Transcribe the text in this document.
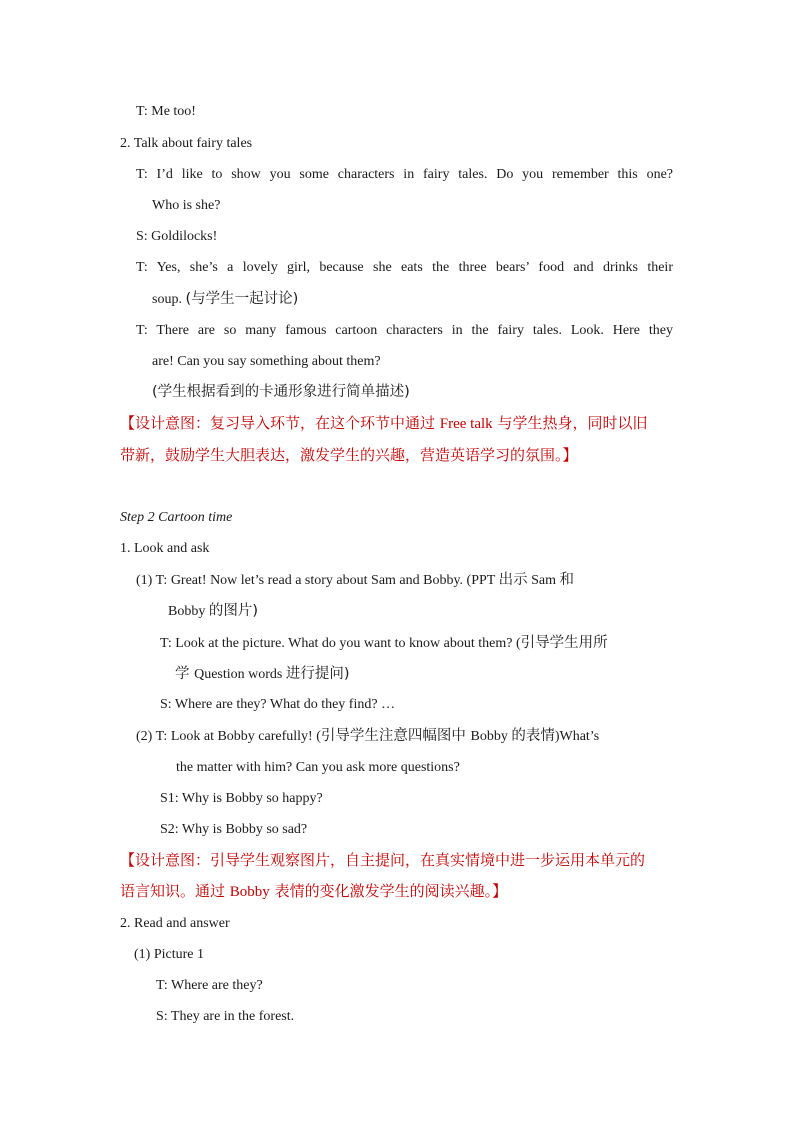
T: Me too!
2. Talk about fairy tales
T: I’d like to show you some characters in fairy tales. Do you remember this one?
Who is she?
S: Goldilocks!
T: Yes, she’s a lovely girl, because she eats the three bears’ food and drinks their
soup. (与学生一起讨论)
T: There are so many famous cartoon characters in the fairy tales. Look. Here they
are! Can you say something about them?
(学生根据看到的卡通形象进行简单描述)
【设计意图：复习导入环节，在这个环节中通过 Free talk 与学生热身，同时以旧
带新，鼓励学生大胆表达，激发学生的兴趣，营造英语学习的氛围。】
Step 2 Cartoon time
1. Look and ask
(1) T: Great! Now let’s read a story about Sam and Bobby. (PPT 出示 Sam 和
Bobby 的图片)
T: Look at the picture. What do you want to know about them? (引导学生用所
学 Question words 进行提问)
S: Where are they? What do they find? …
(2) T: Look at Bobby carefully! (引导学生注意四幅图中 Bobby 的表情)What’s
the matter with him? Can you ask more questions?
S1: Why is Bobby so happy?
S2: Why is Bobby so sad?
【设计意图：引导学生观察图片，自主提问，在真实情境中进一步运用本单元的
语言知识。通过 Bobby 表情的变化激发学生的阅读兴趣。】
2. Read and answer
(1) Picture 1
T: Where are they?
S: They are in the forest.
